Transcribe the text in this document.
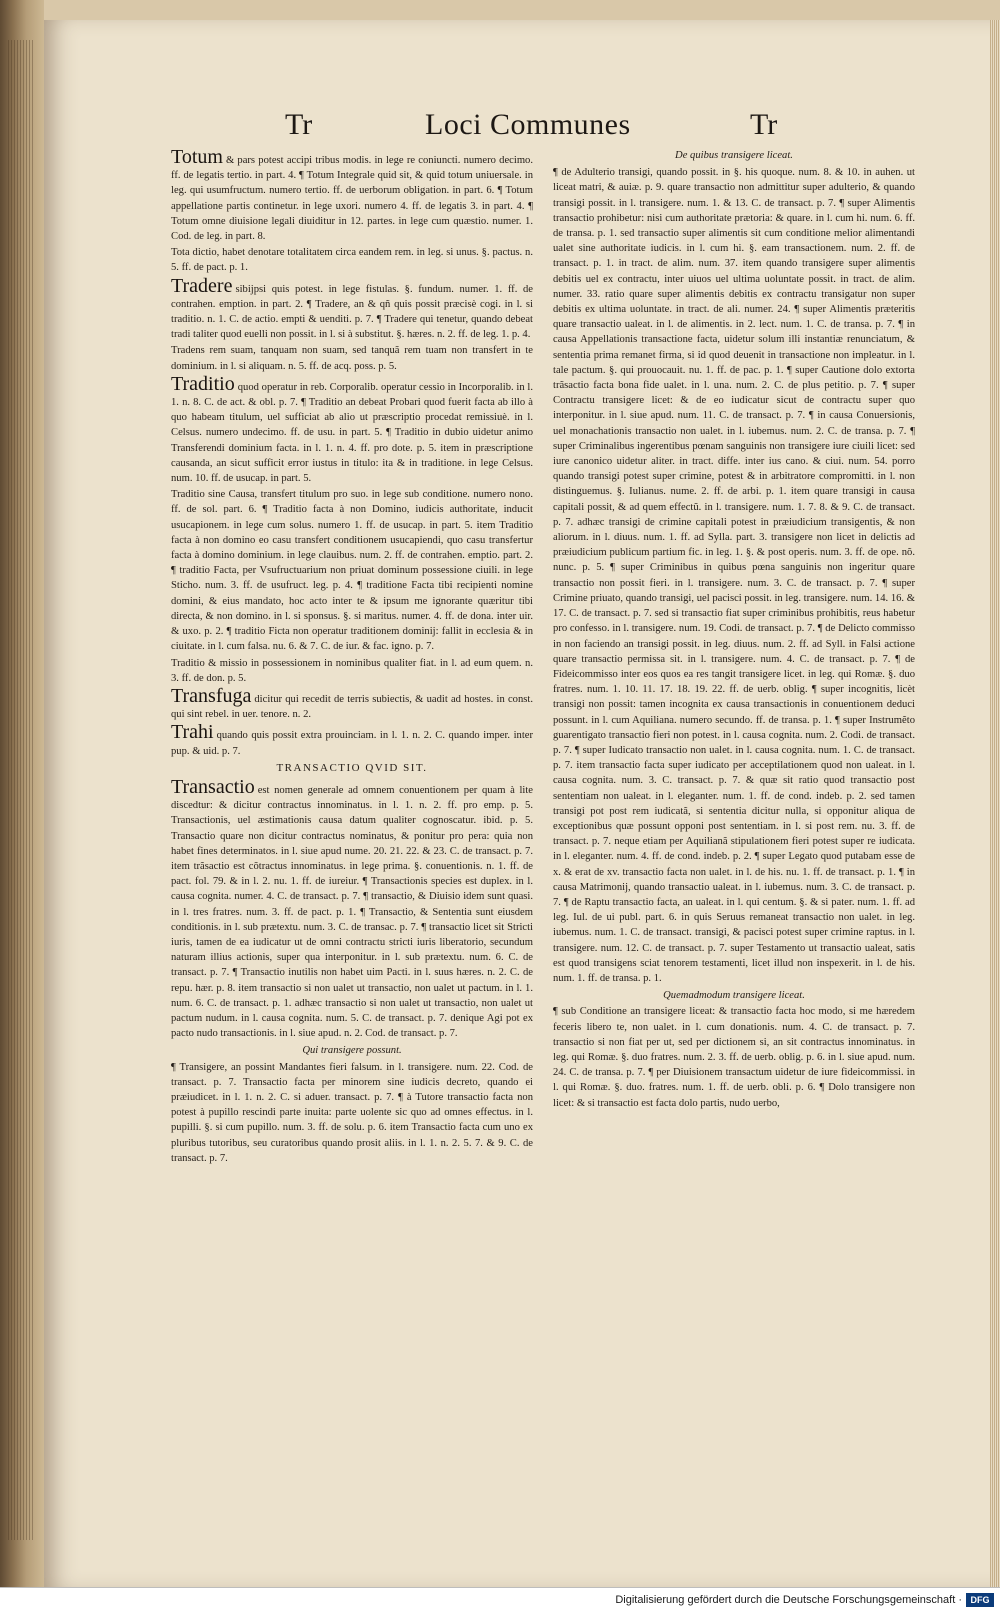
Tr	Loci Communes	Tr
Totum & pars potest accipi tribus modis. in lege re coniuncti. numero decimo. ff. de legatis tertio. in part. 4. ¶ Totum Integrale quid sit, & quid totum uniuersale. in leg. qui usumfructum. numero tertio. ff. de uerborum obligation. in part. 6. ¶ Totum appellatione partis continetur. in lege uxori. numero 4. ff. de legatis 3. in part. 4. ¶ Totum omne diuisione legali diuiditur in 12. partes. in lege cum quæstio. numer. 1. Cod. de leg. in part. 8.
Tota dictio, habet denotare totalitatem circa eandem rem. in leg. si unus. §. pactus. n. 5. ff. de pact. p. 1.
Tradere sibijpsi quis potest. in lege fistulas. §. fundum. numer. 1. ff. de contrahen. emption. in part. 2. ¶ Tradere, an & qñ quis possit præcisè cogi. in l. si traditio. n. 1. C. de actio. empti & uenditi. p. 7. ¶ Tradere qui tenetur, quando debeat tradi taliter quod euelli non possit. in l. si à substitut. §. hæres. n. 2. ff. de leg. 1. p. 4.
Tradens rem suam, tanquam non suam, sed tanquã rem tuam non transfert in te dominium. in l. si aliquam. n. 5. ff. de acq. poss. p. 5.
Traditio quod operatur in reb. Corporalib. operatur cessio in Incorporalib. in l. 1. n. 8. C. de act. & obl. p. 7. ¶ Traditio an debeat Probari quod fuerit facta ab illo à quo habeam titulum, uel sufficiat ab alio ut præscriptio procedat remissiuè. in l. Celsus. numero undecimo. ff. de usu. in part. 5. ¶ Traditio in dubio uidetur animo Transferendi dominium facta. in l. 1. n. 4. ff. pro dote. p. 5. item in præscriptione causanda, an sicut sufficit error iustus in titulo: ita & in traditione. in lege Celsus. num. 10. ff. de usucap. in part. 5.
Traditio sine Causa, transfert titulum pro suo. in lege sub conditione. numero nono. ff. de sol. part. 6. ¶ Traditio facta à non Domino, iudicis authoritate, inducit usucapionem. in lege cum solus. numero 1. ff. de usucap. in part. 5. item Traditio facta à non domino eo casu transfert conditionem usucapiendi, quo casu transfertur facta à domino dominium. in lege clauibus. num. 2. ff. de contrahen. emptio. part. 2. ¶ traditio Facta, per Vsufructuarium non priuat dominum possessione ciuili. in lege Sticho. num. 3. ff. de usufruct. leg. p. 4. ¶ traditione Facta tibi recipienti nomine domini, & eius mandato, hoc acto inter te & ipsum me ignorante quæritur tibi directa, & non domino. in l. si sponsus. §. si maritus. numer. 4. ff. de dona. inter uir. & uxo. p. 2. ¶ traditio Ficta non operatur traditionem dominij: fallit in ecclesia & in ciuitate. in l. cum falsa. nu. 6. & 7. C. de iur. & fac. igno. p. 7.
Traditio & missio in possessionem in nominibus qualiter fiat. in l. ad eum quem. n. 3. ff. de don. p. 5.
Transfuga dicitur qui recedit de terris subiectis, & uadit ad hostes. in const. qui sint rebel. in uer. tenore. n. 2.
Trahi quando quis possit extra prouinciam. in l. 1. n. 2. C. quando imper. inter pup. & uid. p. 7.
TRANSACTIO QVID SIT.
Transactio est nomen generale ad omnem conuentionem per quam à lite discedtur: & dicitur contractus innominatus. in l. 1. n. 2. ff. pro emp. p. 5. Transactionis, uel æstimationis causa datum qualiter cognoscatur. ibid. p. 5. Transactio quare non dicitur contractus nominatus, & ponitur pro pera: quia non habet fines determinatos. in l. siue apud nume. 20. 21. 22. & 23. C. de transact. p. 7. item trãsactio est cõtractus innominatus. in lege prima. §. conuentionis. n. 1. ff. de pact. fol. 79. & in l. 2. nu. 1. ff. de iureiur. ¶ Transactionis species est duplex. in l. causa cognita. numer. 4. C. de transact. p. 7. ¶ transactio, & Diuisio idem sunt quasi. in l. tres fratres. num. 3. ff. de pact. p. 1. ¶ Transactio, & Sententia sunt eiusdem conditionis. in l. sub prætextu. num. 3. C. de transac. p. 7. ¶ transactio licet sit Stricti iuris, tamen de ea iudicatur ut de omni contractu stricti iuris liberatorio, secundum naturam illius actionis, super qua interponitur. in l. sub prætextu. num. 6. C. de transact. p. 7. ¶ Transactio inutilis non habet uim Pacti. in l. suus hæres. n. 2. C. de repu. hær. p. 8. item transactio si non ualet ut transactio, non ualet ut pactum. in l. 1. num. 6. C. de transact. p. 1. adhæc transactio si non ualet ut transactio, non ualet ut pactum nudum. in l. causa cognita. num. 5. C. de transact. p. 7. denique Agi pot ex pacto nudo transactionis. in l. siue apud. n. 2. Cod. de transact. p. 7.
Qui transigere possunt.
¶ Transigere, an possint Mandantes fieri falsum. in l. transigere. num. 22. Cod. de transact. p. 7. Transactio facta per minorem sine iudicis decreto, quando ei præiudicet. in l. 1. n. 2. C. si aduer. transact. p. 7. ¶ à Tutore transactio facta non potest à pupillo rescindi parte inuita: parte uolente sic quo ad omnes effectus. in l. pupilli. §. si cum pupillo. num. 3. ff. de solu. p. 6. item Transactio facta cum uno ex pluribus tutoribus, seu curatoribus quando prosit aliis. in l. 1. n. 2. 5. 7. & 9. C. de transact. p. 7.
De quibus transigere liceat.
¶ de Adulterio transigi, quando possit. in §. his quoque. num. 8. & 10. in auhen. ut liceat matri, & auiæ. p. 9. quare transactio non admittitur super adulterio, & quando transigi possit. in l. transigere. num. 1. & 13. C. de transact. p. 7. ¶ super Alimentis transactio prohibetur: nisi cum authoritate prætoria: & quare. in l. cum hi. num. 6. ff. de transa. p. 1. sed transactio super alimentis sit cum conditione melior alimentandi ualet sine authoritate iudicis. in l. cum hi. §. eam transactionem. num. 2. ff. de transact. p. 1. in tract. de alim. num. 37. item quando transigere super alimentis debitis uel ex contractu, inter uiuos uel ultima uoluntate possit. in tract. de alim. numer. 33. ratio quare super alimentis debitis ex contractu transigatur non super debitis ex ultima uoluntate. in tract. de ali. numer. 24. ¶ super Alimentis præteritis quare transactio ualeat. in l. de alimentis. in 2. lect. num. 1. C. de transa. p. 7. ¶ in causa Appellationis transactione facta, uidetur solum illi instantiæ renunciatum, & sententia prima remanet firma, si id quod deuenit in transactione non impleatur. in l. tale pactum. §. qui prouocauit. nu. 1. ff. de pac. p. 1. ¶ super Cautione dolo extorta trãsactio facta bona fide ualet. in l. una. num. 2. C. de plus petitio. p. 7. ¶ super Contractu transigere licet: & de eo iudicatur sicut de contractu super quo interponitur. in l. siue apud. num. 11. C. de transact. p. 7. ¶ in causa Conuersionis, uel monachationis transactio non ualet. in l. iubemus. num. 2. C. de transa. p. 7. ¶ super Criminalibus ingerentibus pœnam sanguinis non transigere iure ciuili licet: sed iure canonico uidetur aliter. in tract. diffe. inter ius cano. & ciui. num. 54. porro quando transigi potest super crimine, potest & in arbitratore compromitti. in l. non distinguemus. §. Iulianus. nume. 2. ff. de arbi. p. 1. item quare transigi in causa capitali possit, & ad quem effectũ. in l. transigere. num. 1. 7. 8. & 9. C. de transact. p. 7. adhæc transigi de crimine capitali potest in præiudicium transigentis, & non aliorum. in l. diuus. num. 1. ff. ad Sylla. part. 3. transigere non licet in delictis ad præiudicium publicum partium fic. in leg. 1. §. & post operis. num. 3. ff. de ope. nõ. nunc. p. 5. ¶ super Criminibus in quibus pœna sanguinis non ingeritur quare transactio non possit fieri. in l. transigere. num. 3. C. de transact. p. 7. ¶ super Crimine priuato, quando transigi, uel pacisci possit. in leg. transigere. num. 14. 16. & 17. C. de transact. p. 7. sed si transactio fiat super criminibus prohibitis, reus habetur pro confesso. in l. transigere. num. 19. Codi. de transact. p. 7. ¶ de Delicto commisso in non faciendo an transigi possit. in leg. diuus. num. 2. ff. ad Syll. in Falsi actione quare transactio permissa sit. in l. transigere. num. 4. C. de transact. p. 7. ¶ de Fideicommisso inter eos quos ea res tangit transigere licet. in leg. qui Romæ. §. duo fratres. num. 1. 10. 11. 17. 18. 19. 22. ff. de uerb. oblig. ¶ super incognitis, licèt transigi non possit: tamen incognita ex causa transactionis in conuentionem deduci possunt. in l. cum Aquiliana. numero secundo. ff. de transa. p. 1. ¶ super Instrumẽto guarentigato transactio fieri non potest. in l. causa cognita. num. 2. Codi. de transact. p. 7. ¶ super Iudicato transactio non ualet. in l. causa cognita. num. 1. C. de transact. p. 7. item transactio facta super iudicato per acceptilationem quod non ualeat. in l. causa cognita. num. 3. C. transact. p. 7. & quæ sit ratio quod transactio post sententiam non ualeat. in l. eleganter. num. 1. ff. de cond. indeb. p. 2. sed tamen transigi pot post rem iudicatã, si sententia dicitur nulla, si opponitur aliqua de exceptionibus quæ possunt opponi post sententiam. in l. si post rem. nu. 3. ff. de transact. p. 7. neque etiam per Aquilianã stipulationem fieri potest super re iudicata. in l. eleganter. num. 4. ff. de cond. indeb. p. 2. ¶ super Legato quod putabam esse de x. & erat de xv. transactio facta non ualet. in l. de his. nu. 1. ff. de transact. p. 1. ¶ in causa Matrimonij, quando transactio ualeat. in l. iubemus. num. 3. C. de transact. p. 7. ¶ de Raptu transactio facta, an ualeat. in l. qui centum. §. & si pater. num. 1. ff. ad leg. Iul. de ui publ. part. 6. in quis Seruus remaneat transactio non ualet. in leg. iubemus. num. 1. C. de transact. transigi, & pacisci potest super crimine raptus. in l. transigere. num. 12. C. de transact. p. 7. super Testamento ut transactio ualeat, satis est quod transigens sciat tenorem testamenti, licet illud non inspexerit. in l. de his. num. 1. ff. de transa. p. 1.
Quemadmodum transigere liceat.
¶ sub Conditione an transigere liceat: & transactio facta hoc modo, si me hæredem feceris libero te, non ualet. in l. cum donationis. num. 4. C. de transact. p. 7. transactio si non fiat per ut, sed per dictionem si, an sit contractus innominatus. in leg. qui Romæ. §. duo fratres. num. 2. 3. ff. de uerb. oblig. p. 6. in l. siue apud. num. 24. C. de transa. p. 7. ¶ per Diuisionem transactum uidetur de iure fideicommissi. in l. qui Romæ. §. duo. fratres. num. 1. ff. de uerb. obli. p. 6. ¶ Dolo transigere non licet: & si transactio est facta dolo partis, nudo uerbo,
Digitalisierung gefördert durch die Deutsche Forschungsgemeinschaft · DFG
